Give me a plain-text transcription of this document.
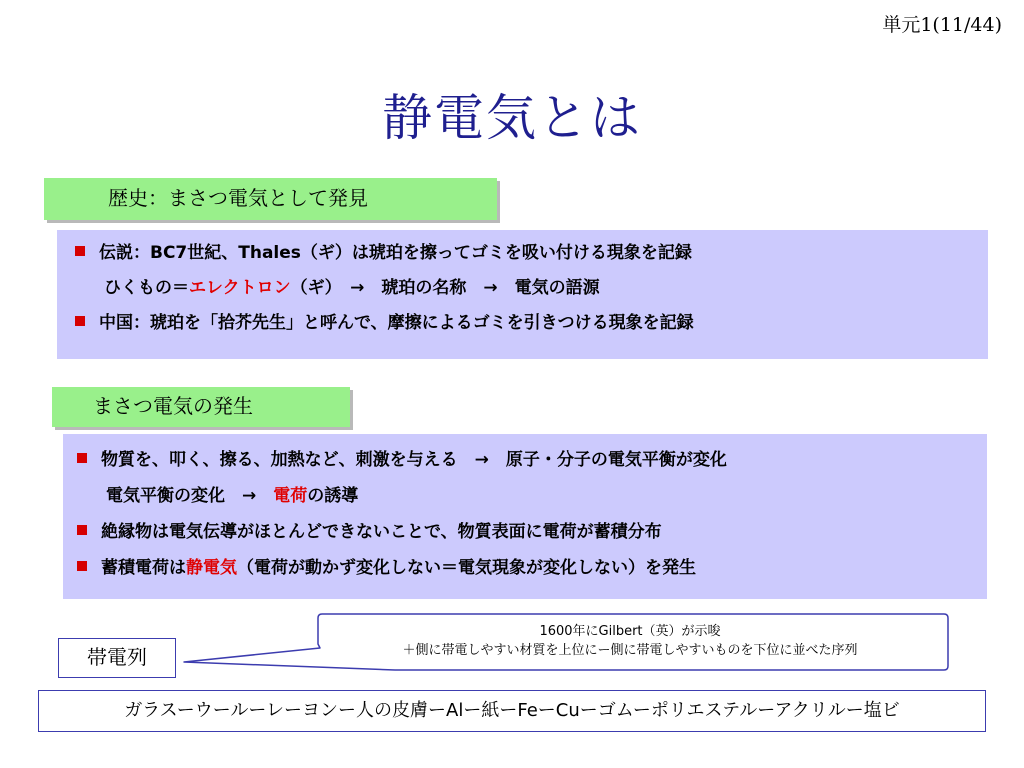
単元1(11/44)
静電気とは
歴史：まさつ電気として発見
伝説：BC7世紀、Thales（ギ）は琥珀を擦ってゴミを吸い付ける現象を記録
ひくもの＝エレクトロン（ギ）　→　琥珀の名称　→　電気の語源
中国：琥珀を「拾芥先生」と呼んで、摩擦によるゴミを引きつける現象を記録
まさつ電気の発生
物質を、叩く、擦る、加熱など、刺激を与える　→　原子・分子の電気平衡が変化
電気平衡の変化　→　電荷の誘導
絶縁物は電気伝導がほとんどできないことで、物質表面に電荷が蓄積分布
蓄積電荷は静電気（電荷が動かず変化しない＝電気現象が変化しない）を発生
帯電列
1600年にGilbert（英）が示唆
＋側に帯電しやすい材質を上位にー側に帯電しやすいものを下位に並べた序列
ガラスーウールーレーヨンー人の皮膚ーAlー紙ーFeーCuーゴムーポリエステルーアクリルー塩ビ
